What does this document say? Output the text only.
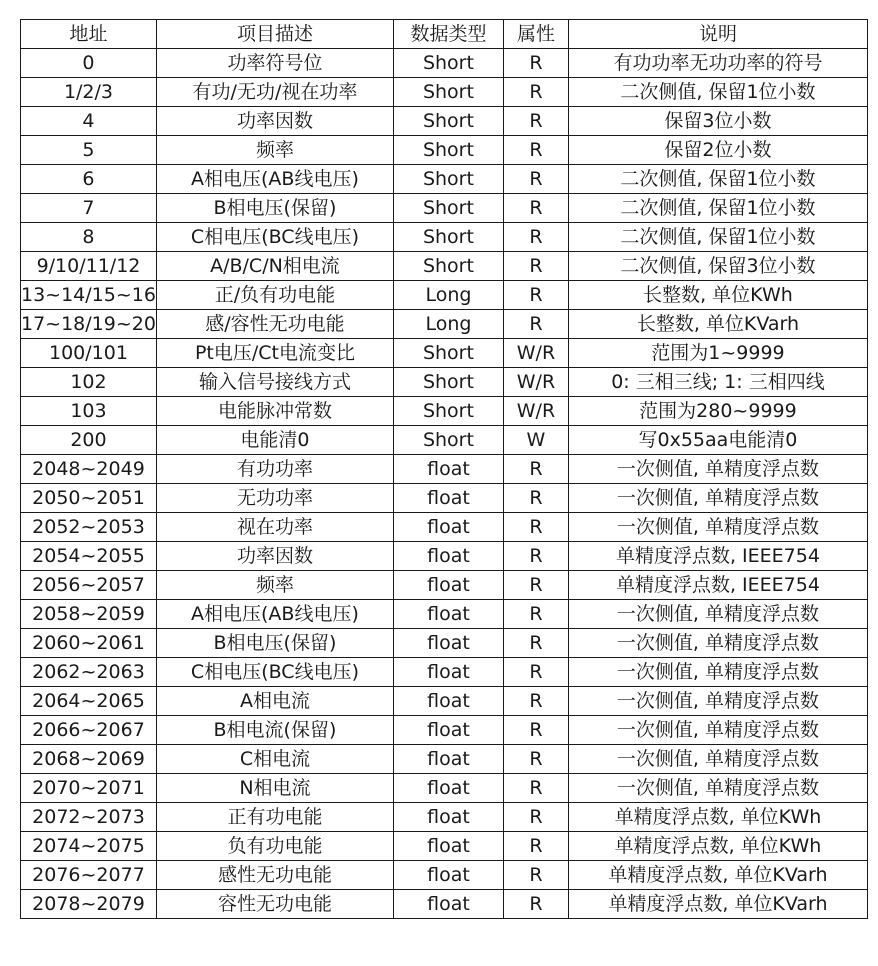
地址	项目描述	数据类型	属性	说明
0	功率符号位	Short	R	有功功率无功功率的符号
1/2/3	有功/无功/视在功率	Short	R	二次侧值, 保留1位小数
4	功率因数	Short	R	保留3位小数
5	频率	Short	R	保留2位小数
6	A相电压(AB线电压)	Short	R	二次侧值, 保留1位小数
7	B相电压(保留)	Short	R	二次侧值, 保留1位小数
8	C相电压(BC线电压)	Short	R	二次侧值, 保留1位小数
9/10/11/12	A/B/C/N相电流	Short	R	二次侧值, 保留3位小数
13~14/15~16	正/负有功电能	Long	R	长整数, 单位KWh
17~18/19~20	感/容性无功电能	Long	R	长整数, 单位KVarh
100/101	Pt电压/Ct电流变比	Short	W/R	范围为1~9999
102	输入信号接线方式	Short	W/R	0: 三相三线; 1: 三相四线
103	电能脉冲常数	Short	W/R	范围为280~9999
200	电能清0	Short	W	写0x55aa电能清0
2048~2049	有功功率	float	R	一次侧值, 单精度浮点数
2050~2051	无功功率	float	R	一次侧值, 单精度浮点数
2052~2053	视在功率	float	R	一次侧值, 单精度浮点数
2054~2055	功率因数	float	R	单精度浮点数, IEEE754
2056~2057	频率	float	R	单精度浮点数, IEEE754
2058~2059	A相电压(AB线电压)	float	R	一次侧值, 单精度浮点数
2060~2061	B相电压(保留)	float	R	一次侧值, 单精度浮点数
2062~2063	C相电压(BC线电压)	float	R	一次侧值, 单精度浮点数
2064~2065	A相电流	float	R	一次侧值, 单精度浮点数
2066~2067	B相电流(保留)	float	R	一次侧值, 单精度浮点数
2068~2069	C相电流	float	R	一次侧值, 单精度浮点数
2070~2071	N相电流	float	R	一次侧值, 单精度浮点数
2072~2073	正有功电能	float	R	单精度浮点数, 单位KWh
2074~2075	负有功电能	float	R	单精度浮点数, 单位KWh
2076~2077	感性无功电能	float	R	单精度浮点数, 单位KVarh
2078~2079	容性无功电能	float	R	单精度浮点数, 单位KVarh
